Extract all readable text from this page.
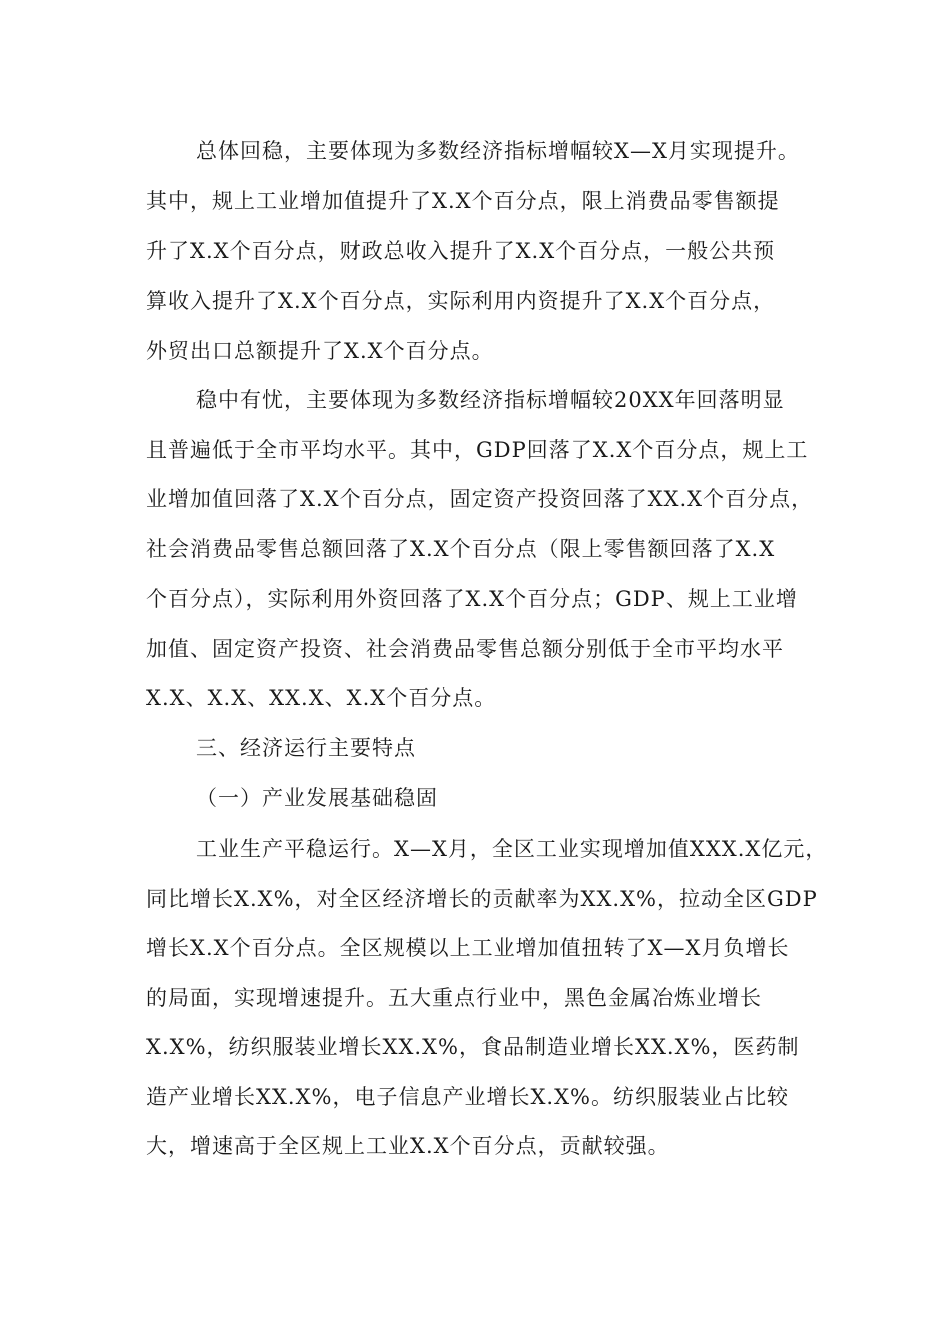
总体回稳，主要体现为多数经济指标增幅较X—X月实现提升。
其中，规上工业增加值提升了X.X个百分点，限上消费品零售额提
升了X.X个百分点，财政总收入提升了X.X个百分点，一般公共预
算收入提升了X.X个百分点，实际利用内资提升了X.X个百分点，
外贸出口总额提升了X.X个百分点。
稳中有忧，主要体现为多数经济指标增幅较20XX年回落明显
且普遍低于全市平均水平。其中，GDP回落了X.X个百分点，规上工
业增加值回落了X.X个百分点，固定资产投资回落了XX.X个百分点，
社会消费品零售总额回落了X.X个百分点（限上零售额回落了X.X
个百分点），实际利用外资回落了X.X个百分点；GDP、规上工业增
加值、固定资产投资、社会消费品零售总额分别低于全市平均水平
X.X、X.X、XX.X、X.X个百分点。
三、经济运行主要特点
（一）产业发展基础稳固
工业生产平稳运行。X—X月，全区工业实现增加值XXX.X亿元，
同比增长X.X%，对全区经济增长的贡献率为XX.X%，拉动全区GDP
增长X.X个百分点。全区规模以上工业增加值扭转了X—X月负增长
的局面，实现增速提升。五大重点行业中，黑色金属冶炼业增长
X.X%，纺织服装业增长XX.X%，食品制造业增长XX.X%，医药制
造产业增长XX.X%，电子信息产业增长X.X%。纺织服装业占比较
大，增速高于全区规上工业X.X个百分点，贡献较强。
